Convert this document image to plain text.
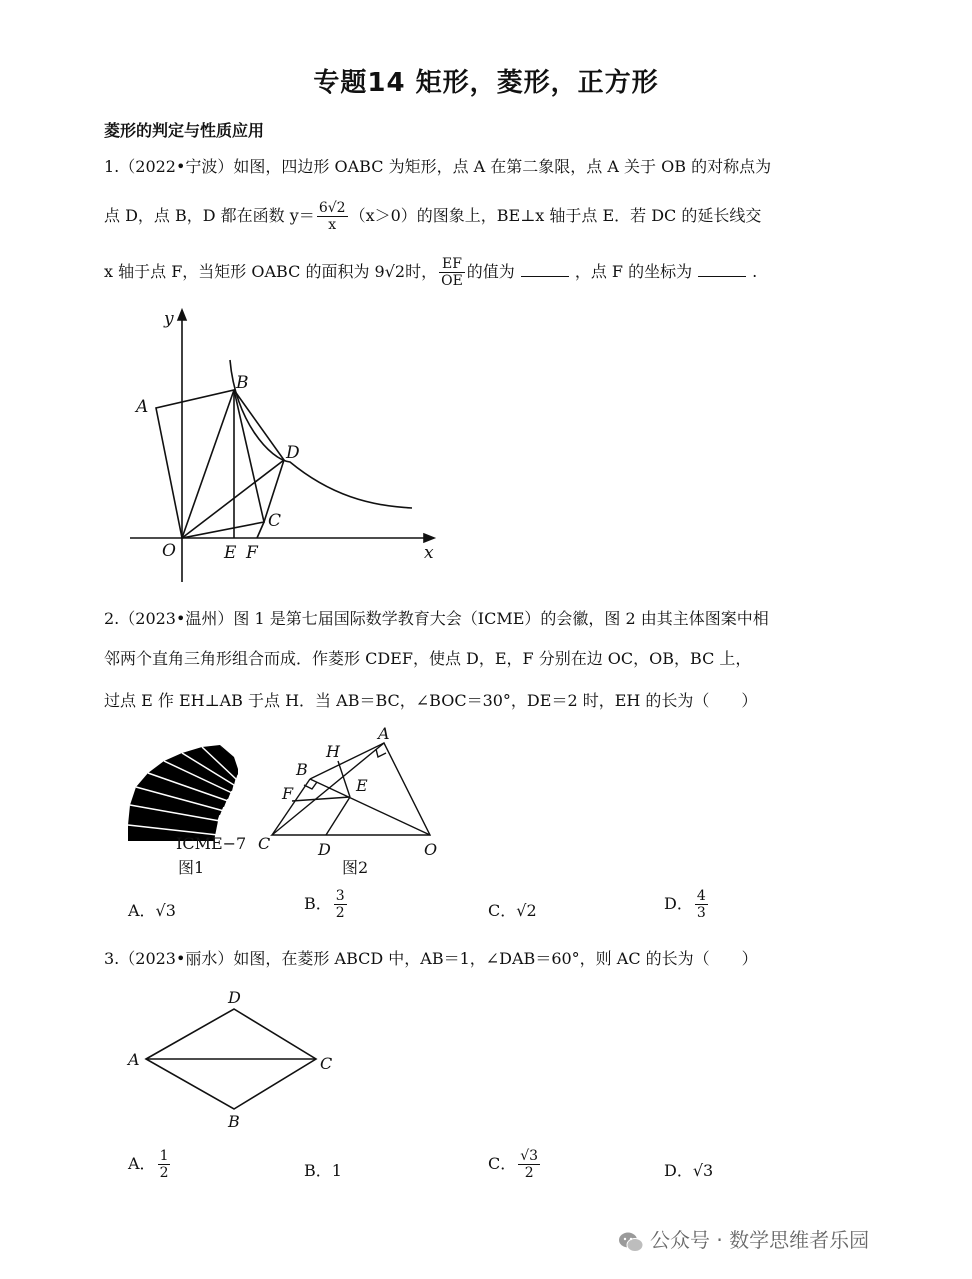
专题14 矩形，菱形，正方形
菱形的判定与性质应用
1.（2022•宁波）如图，四边形 OABC 为矩形，点 A 在第二象限，点 A 关于 OB 的对称点为
点 D，点 B，D 都在函数 $y= \frac{6√2}{x} (x>0)$的图象上，BE⊥x 轴于点 E．若 DC 的延长线交
x 轴于点 F，当矩形 OABC 的面积为 9√2时， $\frac{EF}{OE}$ 的值为	，点 F 的坐标为	.
y
x
A
B
C
D
O	E F
2.（2023•温州）图 1 是第七届国际数学教育大会（ICME）的会徽，图 2 由其主体图案中相
邻两个直角三角形组合而成．作菱形 CDEF，使点 D，E，F 分别在边 OC，OB，BC 上，
过点 E 作 EH⊥AB 于点 H．当 AB＝BC，∠BOC＝30°，DE＝2 时，EH 的长为（　　）
ICME−7
图1
A
H
B
E
F
C	D	O
图2
A．√3	B． $\frac{3}{2}$	C．√2	D． $\frac{4}{3}$
3.（2023•丽水）如图，在菱形 ABCD 中，AB＝1，∠DAB＝60°，则 AC 的长为（　　）
D
A	C
B
A． $\frac{1}{2}$	B．1	C． $\frac{√3}{2}$	D．√3
公众号 · 数学思维者乐园
